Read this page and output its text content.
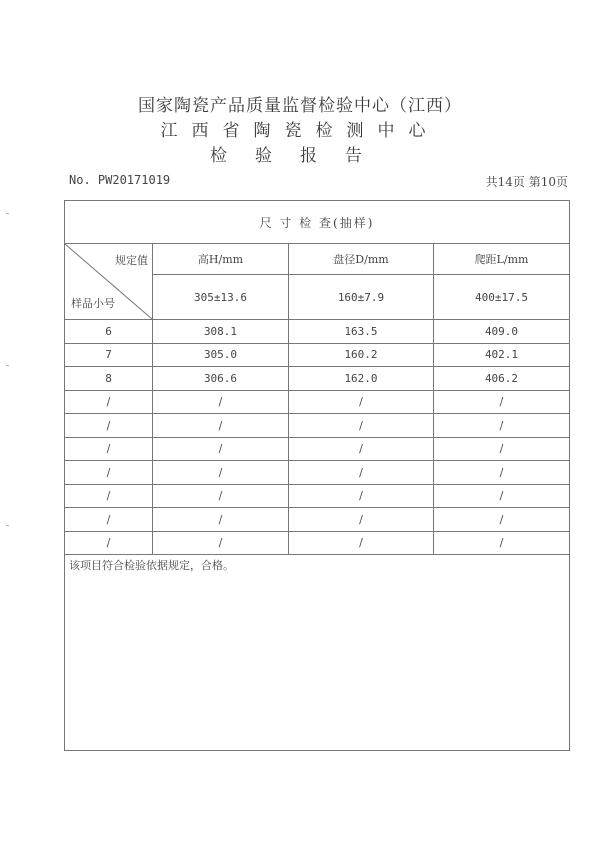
国家陶瓷产品质量监督检验中心（江西）
江西省陶瓷检测中心
检验报告
No. PW20171019	共14页 第10页
尺 寸 检 查(抽样)			

规定值
样品小号	高H/mm	盘径D/mm	爬距L/mm
	305±13.6	160±7.9	400±17.5
6	308.1	163.5	409.0
7	305.0	160.2	402.1
8	306.6	162.0	406.2
/	/	/	/
/	/	/	/
/	/	/	/
/	/	/	/
/	/	/	/
/	/	/	/
/	/	/	/
该项目符合检验依据规定，合格。			
